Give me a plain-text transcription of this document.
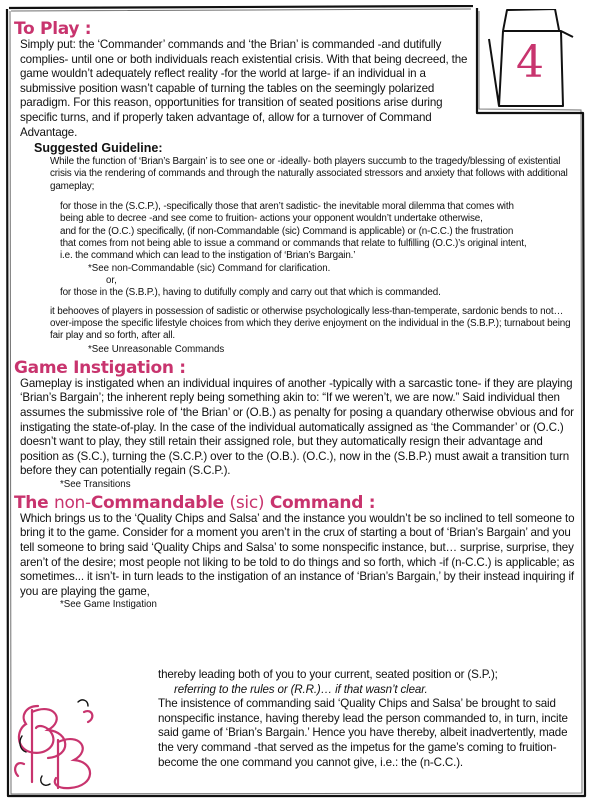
4
To Play :

Simply put: the ‘Commander’ commands and ‘the Brian’ is commanded -and dutifully complies- until one or both individuals reach existential crisis. With that being decreed, the game wouldn’t adequately reflect reality -for the world at large- if an individual in a submissive position wasn’t capable of turning the tables on the seemingly polarized paradigm. For this reason, opportunities for transition of seated positions arise during specific turns, and if properly taken advantage of, allow for a turnover of Command Advantage.

Suggested Guideline:

While the function of ‘Brian’s Bargain’ is to see one or -ideally- both players succumb to the tragedy/blessing of existential crisis via the rendering of commands and through the naturally associated stressors and anxiety that follows with additional gameplay;

for those in the (S.C.P.), -specifically those that aren’t sadistic- the inevitable moral dilemma that comes with

being able to decree -and see come to fruition- actions your opponent wouldn’t undertake otherwise,

and for the (O.C.) specifically, (if non-Commandable (sic) Command is applicable) or (n-C.C.) the frustration

that comes from not being able to issue a command or commands that relate to fulfilling (O.C.)’s original intent,

i.e. the command which can lead to the instigation of ‘Brian’s Bargain.’

*See non-Commandable (sic) Command for clarification.

or,

for those in the (S.B.P.), having to dutifully comply and carry out that which is commanded.

it behooves of players in possession of sadistic or otherwise psychologically less-than-temperate, sardonic bends to not… over-impose the specific lifestyle choices from which they derive enjoyment on the individual in the (S.B.P.); turnabout being fair play and so forth, after all.

*See Unreasonable Commands

Game Instigation :

Gameplay is instigated when an individual inquires of another -typically with a sarcastic tone- if they are playing ‘Brian’s Bargain’; the inherent reply being something akin to: “If we weren’t, we are now.” Said individual then assumes the submissive role of ‘the Brian’ or (O.B.) as penalty for posing a quandary otherwise obvious and for instigating the state-of-play. In the case of the individual automatically assigned as ‘the Commander’ or (O.C.) doesn’t want to play, they still retain their assigned role, but they automatically resign their advantage and position as (S.C.), turning the (S.C.P.) over to the (O.B.). (O.C.), now in the (S.B.P.) must await a transition turn before they can potentially regain (S.C.P.).

*See Transitions

The non-Commandable (sic) Command :

Which brings us to the ‘Quality Chips and Salsa’ and the instance you wouldn’t be so inclined to tell someone to bring it to the game. Consider for a moment you aren’t in the crux of starting a bout of ‘Brian’s Bargain’ and you tell someone to bring said ‘Quality Chips and Salsa’ to some nonspecific instance, but… surprise, surprise, they aren’t of the desire; most people not liking to be told to do things and so forth, which -if (n-C.C.) is applicable; as sometimes... it isn’t- in turn leads to the instigation of an instance of ‘Brian’s Bargain,’ by their instead inquiring if you are playing the game,

*See Game Instigation

thereby leading both of you to your current, seated position or (S.P.);

referring to the rules or (R.R.)… if that wasn’t clear.

The insistence of commanding said ‘Quality Chips and Salsa’ be brought to said nonspecific instance, having thereby lead the person commanded to, in turn, incite said game of ‘Brian’s Bargain.’ Hence you have thereby, albeit inadvertently, made the very command -that served as the impetus for the game’s coming to fruition- become the one command you cannot give, i.e.: the (n-C.C.).
